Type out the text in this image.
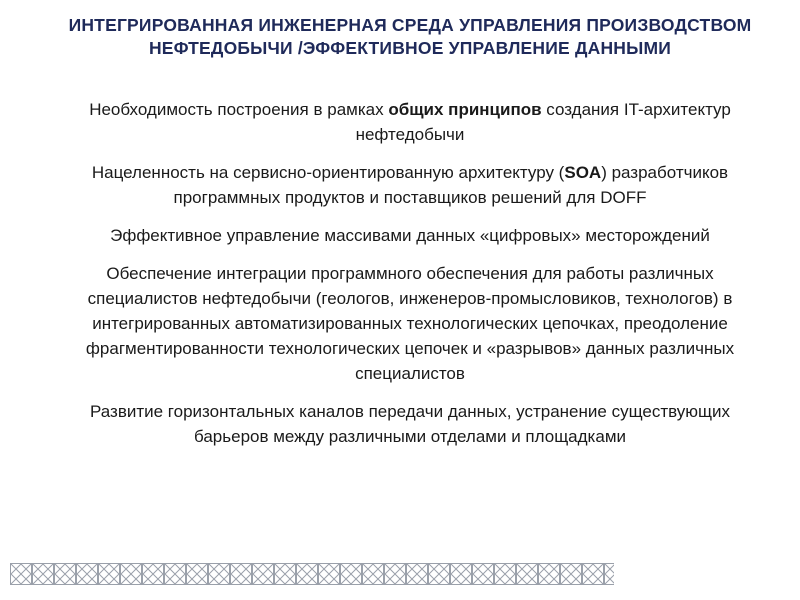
ИНТЕГРИРОВАННАЯ ИНЖЕНЕРНАЯ СРЕДА УПРАВЛЕНИЯ ПРОИЗВОДСТВОМ НЕФТЕДОБЫЧИ /ЭФФЕКТИВНОЕ УПРАВЛЕНИЕ ДАННЫМИ

Необходимость построения в рамках общих принципов создания IT-архитектур нефтедобычи

Нацеленность на сервисно-ориентированную архитектуру (SOA) разработчиков программных продуктов и поставщиков решений для DOFF

Эффективное управление массивами данных «цифровых» месторождений

Обеспечение интеграции программного обеспечения для работы различных специалистов нефтедобычи (геологов, инженеров-промысловиков, технологов) в интегрированных автоматизированных технологических цепочках, преодоление фрагментированности технологических цепочек и «разрывов» данных различных специалистов

Развитие горизонтальных каналов передачи данных, устранение существующих барьеров между различными отделами и площадками
